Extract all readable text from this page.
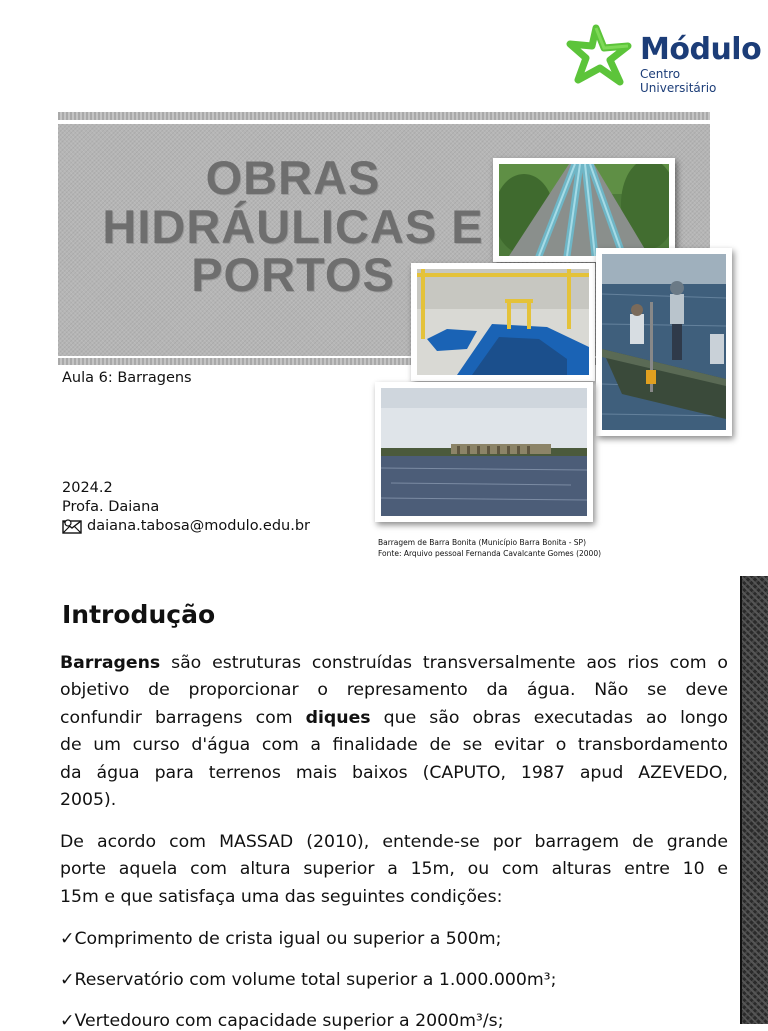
Módulo
Centro
Universitário
OBRAS
HIDRÁULICAS E
PORTOS
Aula 6: Barragens
2024.2
Profa. Daiana
daiana.tabosa@modulo.edu.br
Barragem de Barra Bonita (Município Barra Bonita - SP)
Fonte: Arquivo pessoal Fernanda Cavalcante Gomes (2000)
Introdução
Barragens são estruturas construídas transversalmente aos rios com o
objetivo de proporcionar o represamento da água. Não se deve
confundir barragens com diques que são obras executadas ao longo
de um curso d'água com a finalidade de se evitar o transbordamento
da água para terrenos mais baixos (CAPUTO, 1987 apud AZEVEDO,
2005).
De acordo com MASSAD (2010), entende-se por barragem de grande
porte aquela com altura superior a 15m, ou com alturas entre 10 e
15m e que satisfaça uma das seguintes condições:
✓Comprimento de crista igual ou superior a 500m;
✓Reservatório com volume total superior a 1.000.000m³;
✓Vertedouro com capacidade superior a 2000m³/s;
